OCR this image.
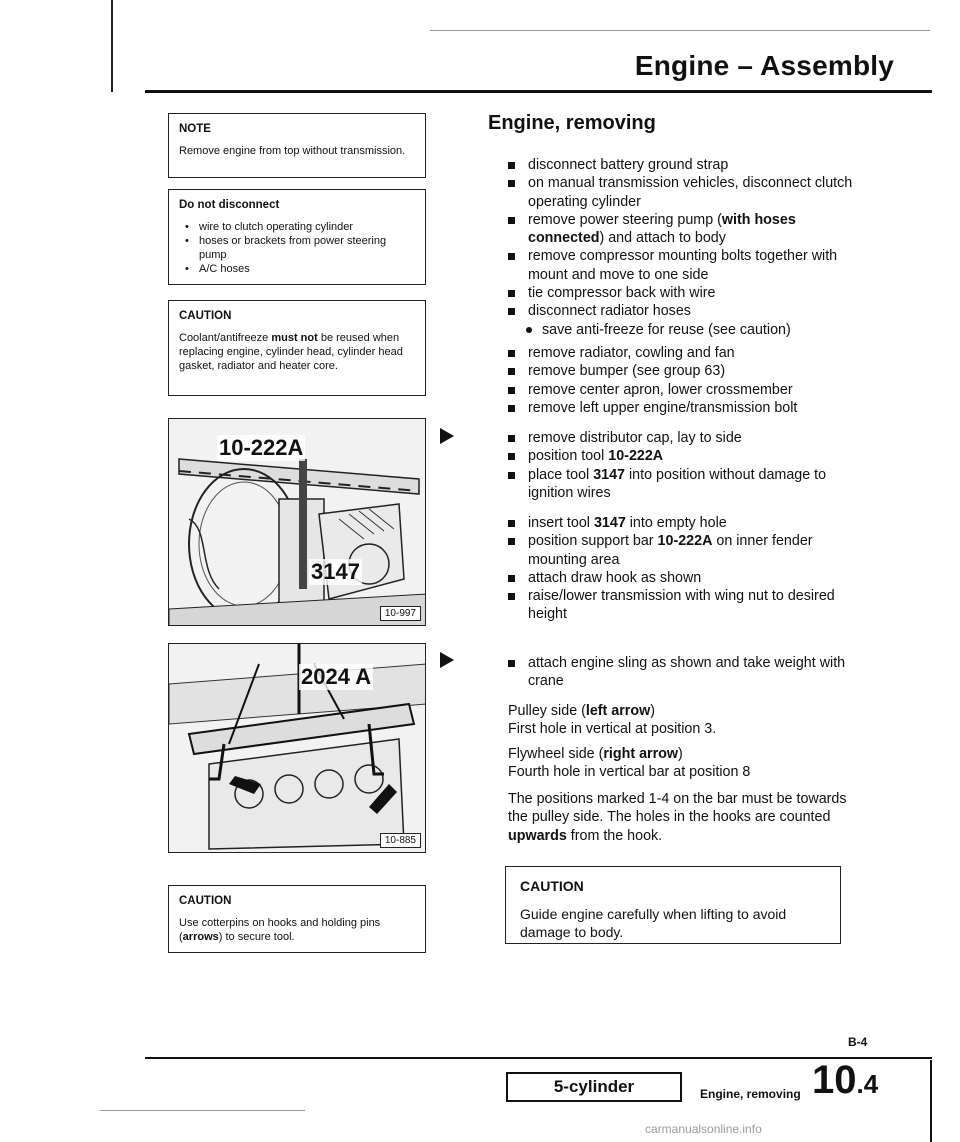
Engine – Assembly
NOTE
Remove engine from top without transmission.
Do not disconnect
• wire to clutch operating cylinder
• hoses or brackets from power steering pump
• A/C hoses
CAUTION
Coolant/antifreeze must not be reused when replacing engine, cylinder head, cylinder head gasket, radiator and heater core.
10-222A
3147
10-997
2024 A
10-885
CAUTION
Use cotterpins on hooks and holding pins (arrows) to secure tool.
Engine, removing
disconnect battery ground strap
on manual transmission vehicles, disconnect clutch operating cylinder
remove power steering pump (with hoses connected) and attach to body
remove compressor mounting bolts together with mount and move to one side
tie compressor back with wire
disconnect radiator hoses
save anti-freeze for reuse (see caution)
remove radiator, cowling and fan
remove bumper (see group 63)
remove center apron, lower crossmember
remove left upper engine/transmission bolt
remove distributor cap, lay to side
position tool 10-222A
place tool 3147 into position without damage to ignition wires
insert tool 3147 into empty hole
position support bar 10-222A on inner fender mounting area
attach draw hook as shown
raise/lower transmission with wing nut to desired height
attach engine sling as shown and take weight with crane
Pulley side (left arrow)
First hole in vertical at position 3.
Flywheel side (right arrow)
Fourth hole in vertical bar at position 8
The positions marked 1-4 on the bar must be towards the pulley side. The holes in the hooks are counted upwards from the hook.
CAUTION
Guide engine carefully when lifting to avoid damage to body.
B-4
5-cylinder	Engine, removing 10.4
carmanualsonline.info
